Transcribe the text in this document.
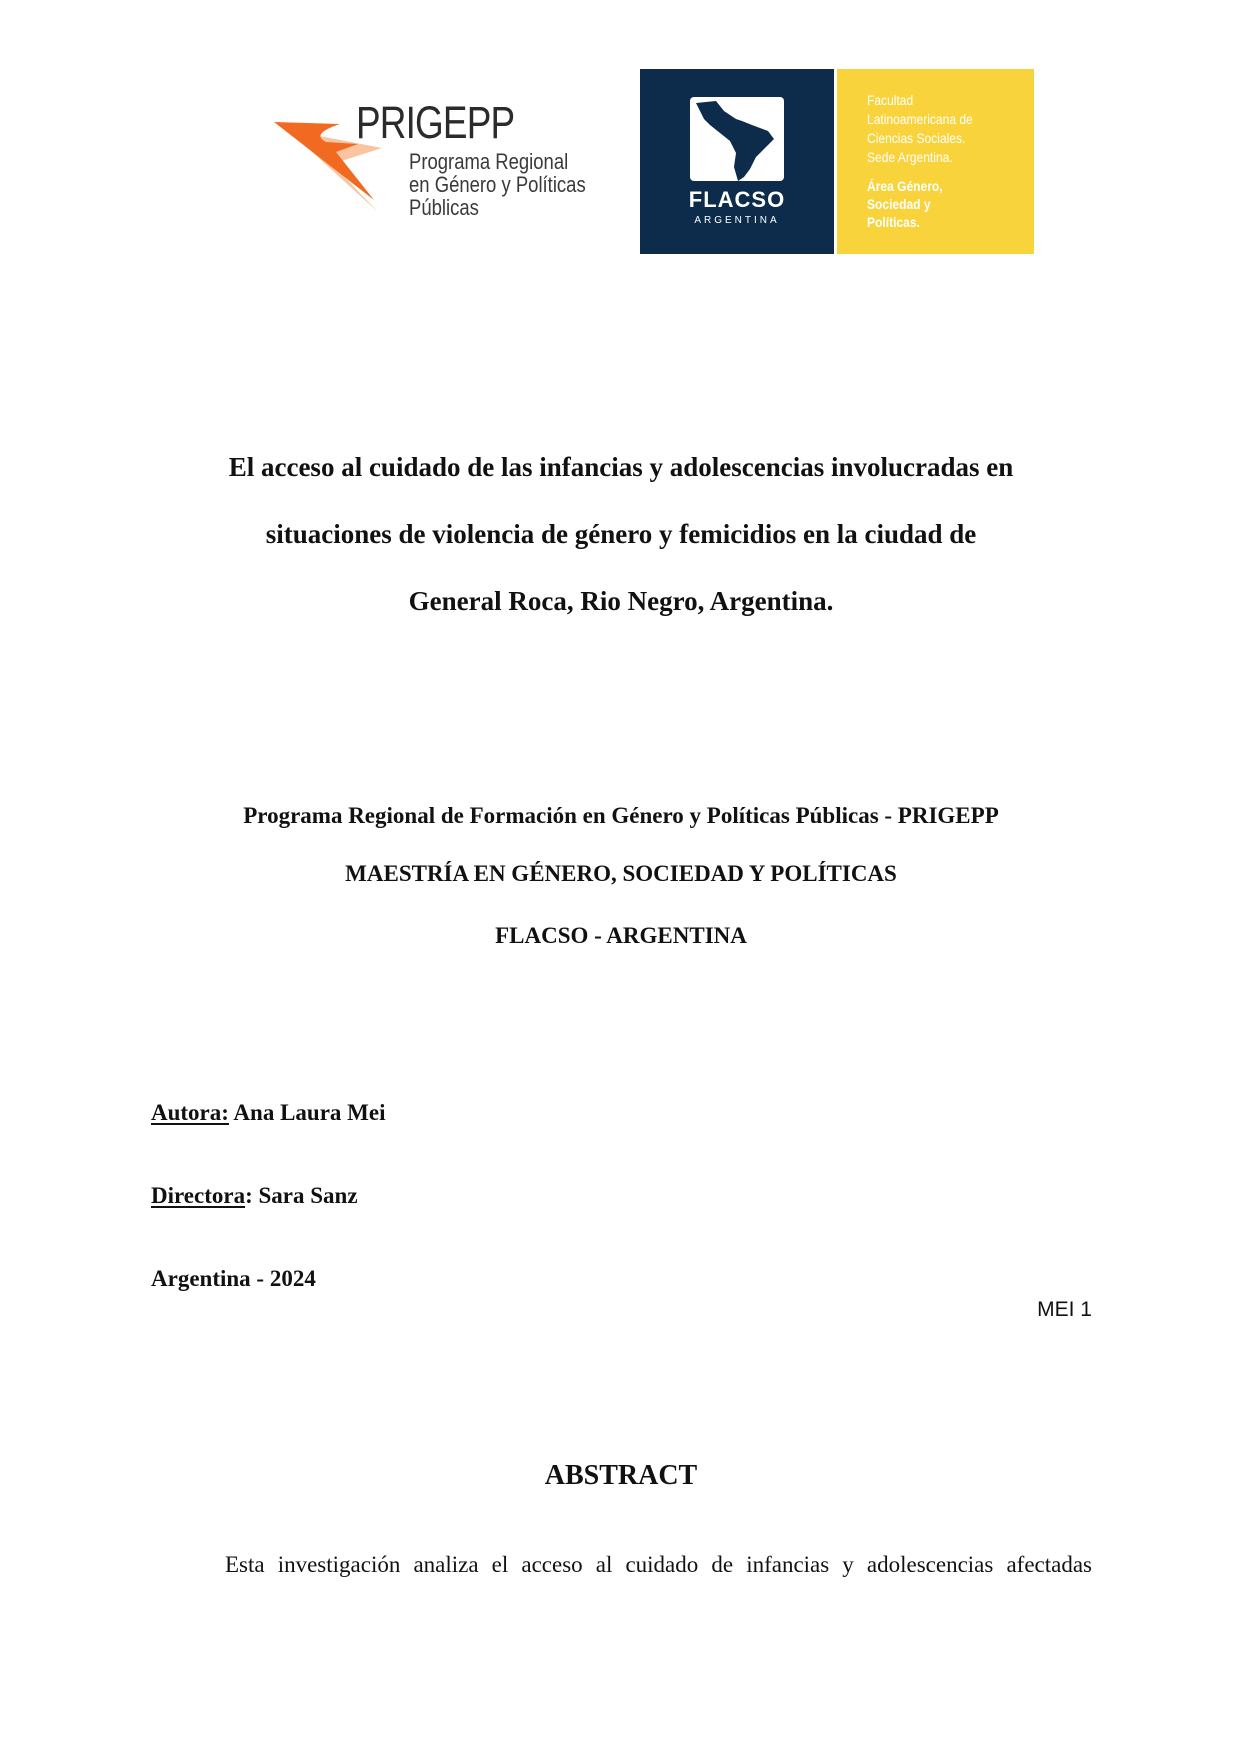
PRIGEPP
Programa Regional
en Género y Políticas
Públicas	FLACSO
ARGENTINA
Facultad
Latinoamericana de
Ciencias Sociales.
Sede Argentina.
Área Género,
Sociedad y
Políticas.
El acceso al cuidado de las infancias y adolescencias involucradas en
situaciones de violencia de género y femicidios en la ciudad de
General Roca, Rio Negro, Argentina.
Programa Regional de Formación en Género y Políticas Públicas - PRIGEPP
MAESTRÍA EN GÉNERO, SOCIEDAD Y POLÍTICAS
FLACSO - ARGENTINA
Autora: Ana Laura Mei
Directora: Sara Sanz
Argentina - 2024
MEI 1
ABSTRACT
Esta investigación analiza el acceso al cuidado de infancias y adolescencias afectadas
